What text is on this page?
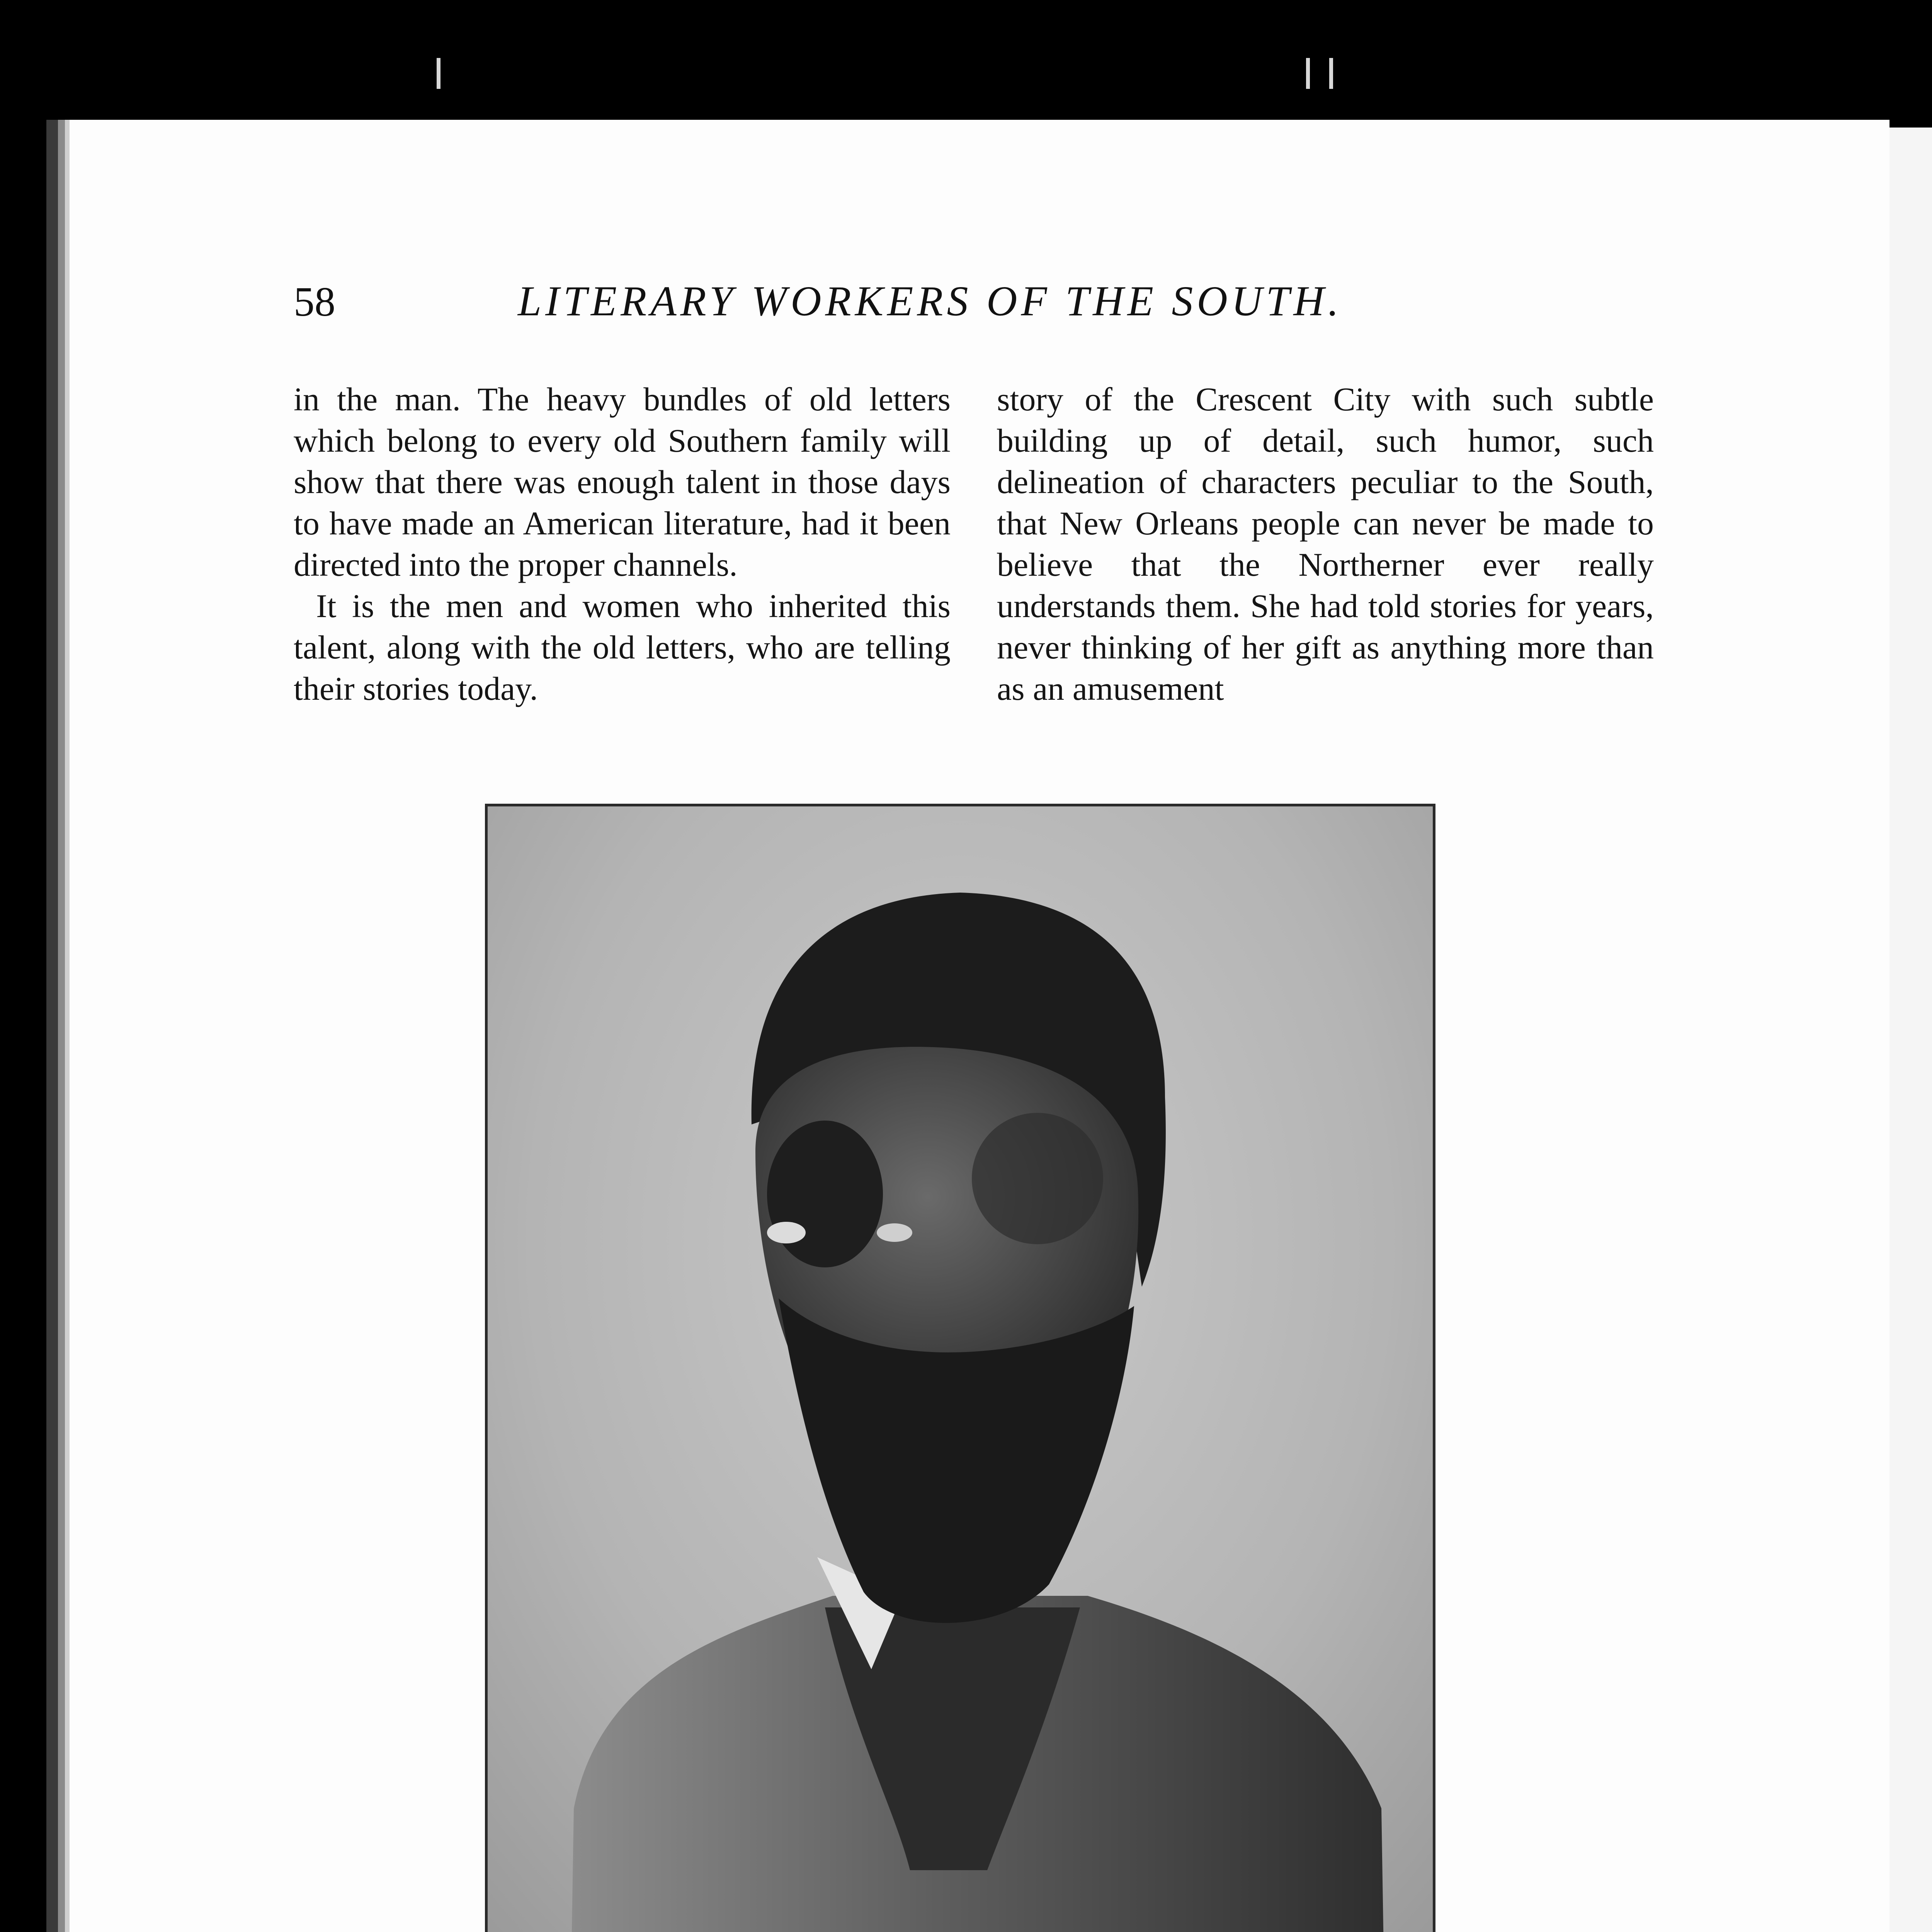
58	LITERARY WORKERS OF THE SOUTH.

in the man. The heavy bundles of old letters which belong to every old Southern family will show that there was enough talent in those days to have made an American literature, had it been directed into the proper channels.

It is the men and women who inherited this talent, along with the old letters, who are telling their stories today.

story of the Crescent City with such subtle building up of detail, such humor, such delineation of characters peculiar to the South, that New Orleans people can never be made to believe that the Northerner ever really understands them. She had told stories for years, never thinking of her gift as anything more than as an amusement
